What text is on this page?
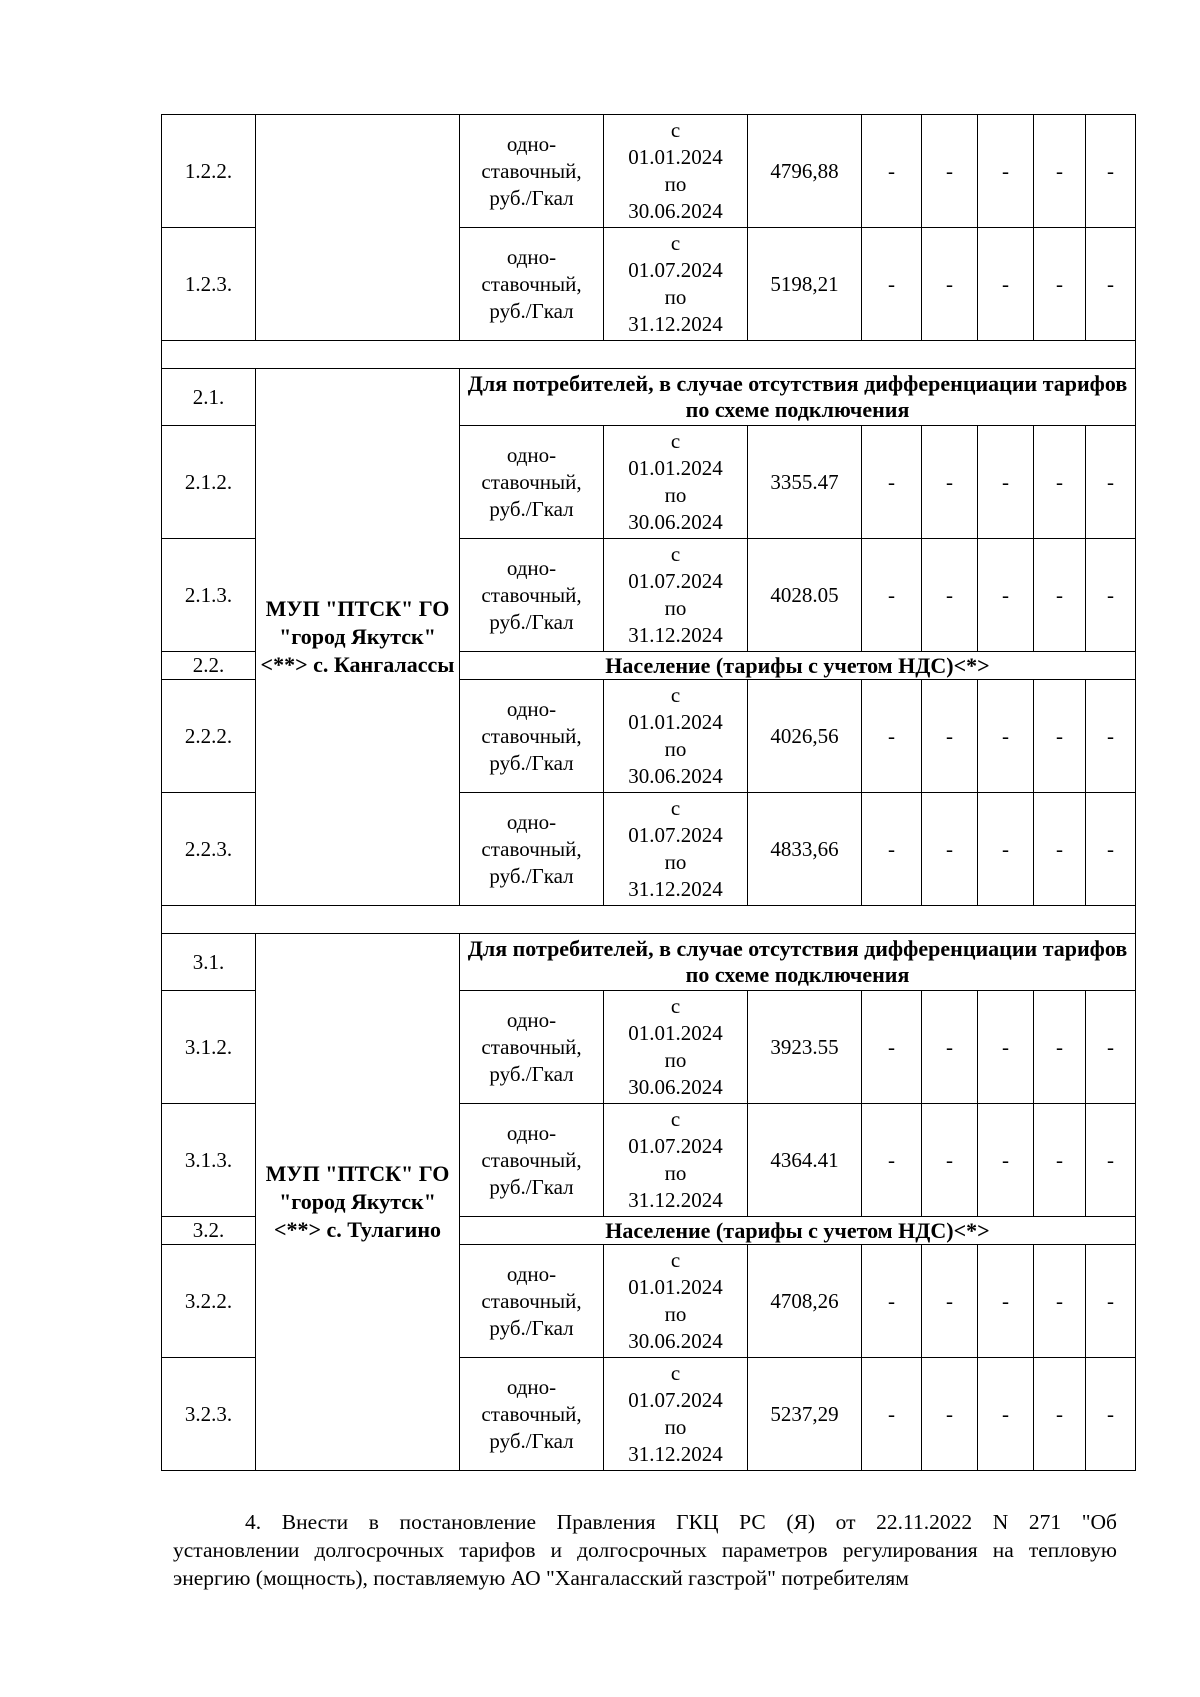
1.2.2.		одно-ставочный, руб./Гкал	с
01.01.2024
по
30.06.2024	4796,88	-	-	-	-	-
1.2.3.		одно-ставочный, руб./Гкал	с
01.07.2024
по
31.12.2024	5198,21	-	-	-	-	-

2.1.	МУП "ПТСК" ГО "город Якутск" <**> с. Кангалассы	Для потребителей, в случае отсутствия дифференциации тарифов по схеме подключения							
2.1.2.		одно-ставочный, руб./Гкал	с
01.01.2024
по
30.06.2024	3355.47	-	-	-	-	-
2.1.3.		одно-ставочный, руб./Гкал	с
01.07.2024
по
31.12.2024	4028.05	-	-	-	-	-
2.2.		Население (тарифы с учетом НДС)<*>							
2.2.2.		одно-ставочный, руб./Гкал	с
01.01.2024
по
30.06.2024	4026,56	-	-	-	-	-
2.2.3.		одно-ставочный, руб./Гкал	с
01.07.2024
по
31.12.2024	4833,66	-	-	-	-	-

3.1.	МУП "ПТСК" ГО "город Якутск" <**> с. Тулагино	Для потребителей, в случае отсутствия дифференциации тарифов по схеме подключения							
3.1.2.		одно-ставочный, руб./Гкал	с
01.01.2024
по
30.06.2024	3923.55	-	-	-	-	-
3.1.3.		одно-ставочный, руб./Гкал	с
01.07.2024
по
31.12.2024	4364.41	-	-	-	-	-
3.2.		Население (тарифы с учетом НДС)<*>							
3.2.2.		одно-ставочный, руб./Гкал	с
01.01.2024
по
30.06.2024	4708,26	-	-	-	-	-
3.2.3.		одно-ставочный, руб./Гкал	с
01.07.2024
по
31.12.2024	5237,29	-	-	-	-	-
4. Внести в постановление Правления ГКЦ РС (Я) от 22.11.2022 N 271 "Об
установлении долгосрочных тарифов и долгосрочных параметров регулирования на тепловую энергию (мощность), поставляемую АО "Хангаласский газстрой" потребителям
